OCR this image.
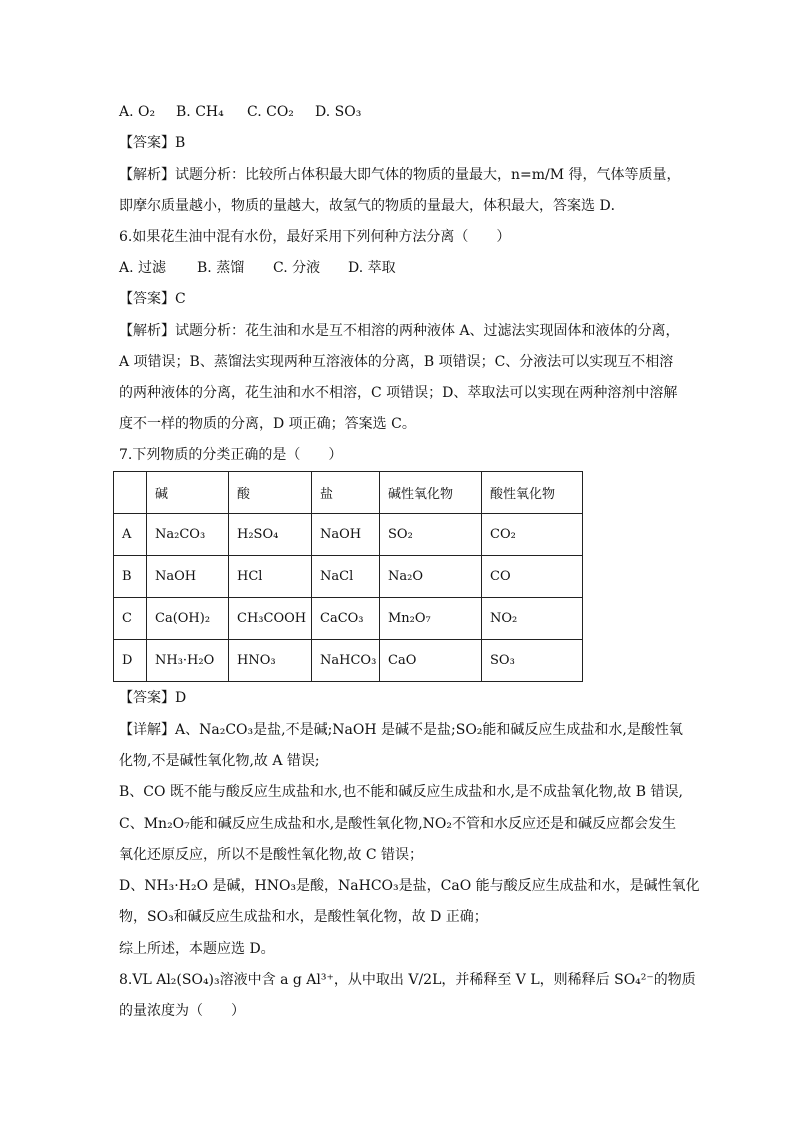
A. O₂ B. CH₄ C. CO₂ D. SO₃
【答案】B
【解析】试题分析：比较所占体积最大即气体的物质的量最大，n=m/M 得，气体等质量，
即摩尔质量越小，物质的量越大，故氢气的物质的量最大，体积最大，答案选 D．
6.如果花生油中混有水份，最好采用下列何种方法分离（　　）
A. 过滤 B. 蒸馏 C. 分液 D. 萃取
【答案】C
【解析】试题分析：花生油和水是互不相溶的两种液体 A、过滤法实现固体和液体的分离，
A 项错误；B、蒸馏法实现两种互溶液体的分离，B 项错误；C、分液法可以实现互不相溶
的两种液体的分离，花生油和水不相溶，C 项错误；D、萃取法可以实现在两种溶剂中溶解
度不一样的物质的分离，D 项正确；答案选 C。
7.下列物质的分类正确的是（　　）
	碱	酸	盐	碱性氧化物	酸性氧化物
A	Na₂CO₃	H₂SO₄	NaOH	SO₂	CO₂
B	NaOH	HCl	NaCl	Na₂O	CO
C	Ca(OH)₂	CH₃COOH	CaCO₃	Mn₂O₇	NO₂
D	NH₃·H₂O	HNO₃	NaHCO₃	CaO	SO₃
【答案】D
【详解】A、Na₂CO₃是盐,不是碱;NaOH 是碱不是盐;SO₂能和碱反应生成盐和水,是酸性氧
化物,不是碱性氧化物,故 A 错误;
B、CO 既不能与酸反应生成盐和水,也不能和碱反应生成盐和水,是不成盐氧化物,故 B 错误,
C、Mn₂O₇能和碱反应生成盐和水,是酸性氧化物,NO₂不管和水反应还是和碱反应都会发生
氧化还原反应，所以不是酸性氧化物,故 C 错误；
D、NH₃·H₂O 是碱，HNO₃是酸，NaHCO₃是盐，CaO 能与酸反应生成盐和水，是碱性氧化
物，SO₃和碱反应生成盐和水，是酸性氧化物，故 D 正确；
综上所述，本题应选 D。
8.VL Al₂(SO₄)₃溶液中含 a g Al³⁺，从中取出 V/2L，并稀释至 V L，则稀释后 SO₄²⁻的物质
的量浓度为（　　）
